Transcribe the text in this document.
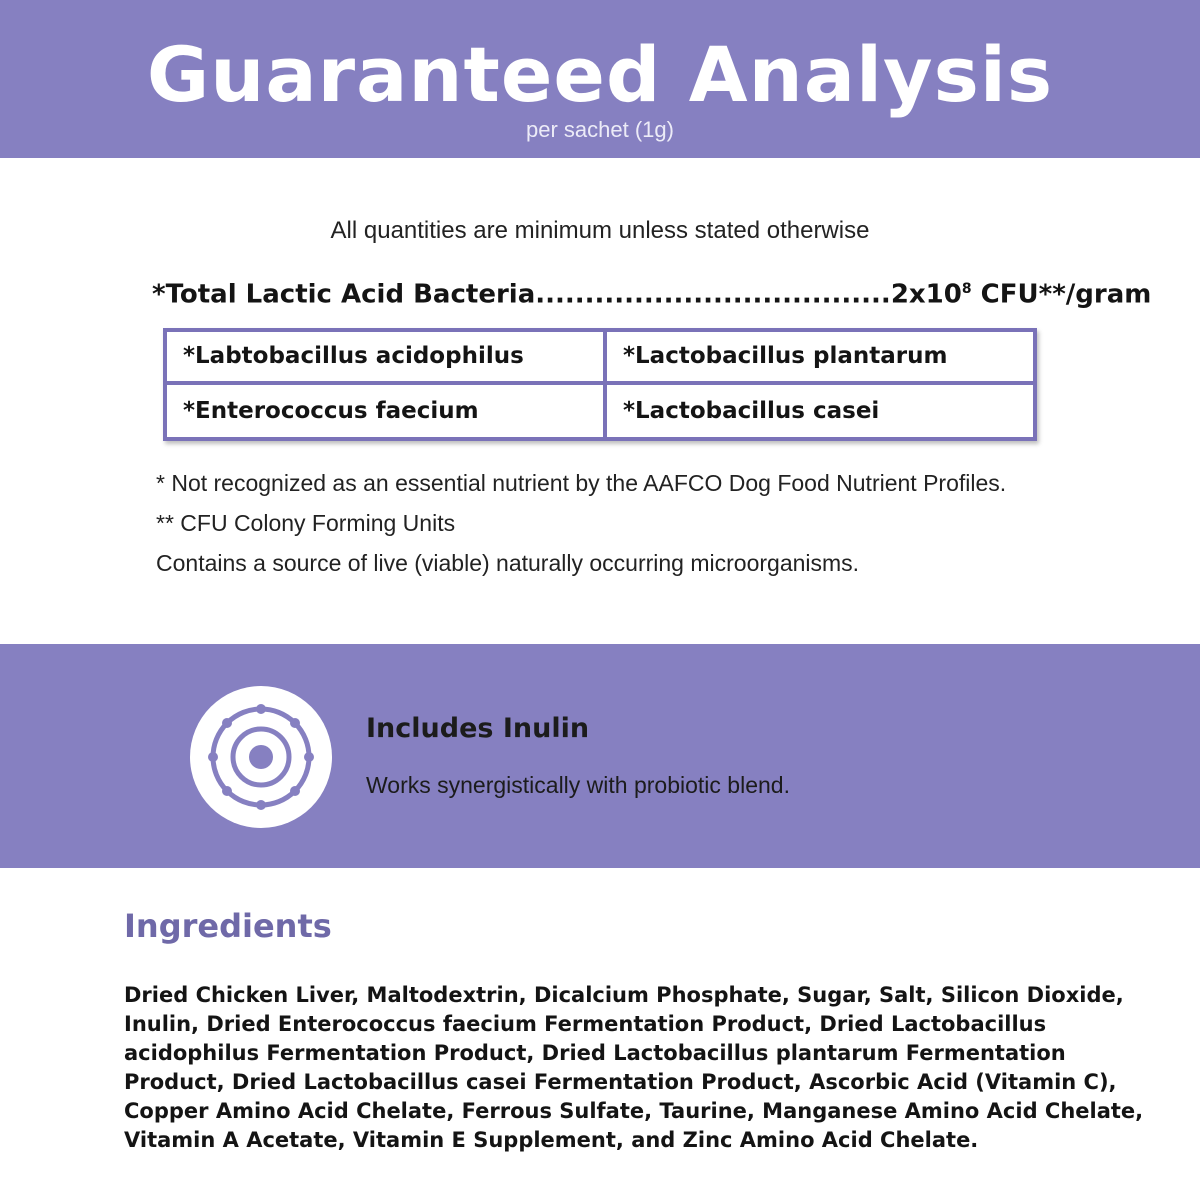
Guaranteed Analysis
per sachet (1g)
All quantities are minimum unless stated otherwise
*Total Lactic Acid $Bacteria....................................2x10^8$ CFU**/gram
*Labtobacillus acidophilus	*Lactobacillus plantarum
*Enterococcus faecium	*Lactobacillus casei
* Not recognized as an essential nutrient by the AAFCO Dog Food Nutrient Profiles.
** CFU Colony Forming Units
Contains a source of live (viable) naturally occurring microorganisms.
Includes Inulin
Works synergistically with probiotic blend.
Ingredients
Dried Chicken Liver, Maltodextrin, Dicalcium Phosphate, Sugar, Salt, Silicon Dioxide, Inulin, Dried Enterococcus faecium Fermentation Product, Dried Lactobacillus acidophilus Fermentation Product, Dried Lactobacillus plantarum Fermentation Product, Dried Lactobacillus casei Fermentation Product, Ascorbic Acid (Vitamin C), Copper Amino Acid Chelate, Ferrous Sulfate, Taurine, Manganese Amino Acid Chelate, Vitamin A Acetate, Vitamin E Supplement, and Zinc Amino Acid Chelate.
